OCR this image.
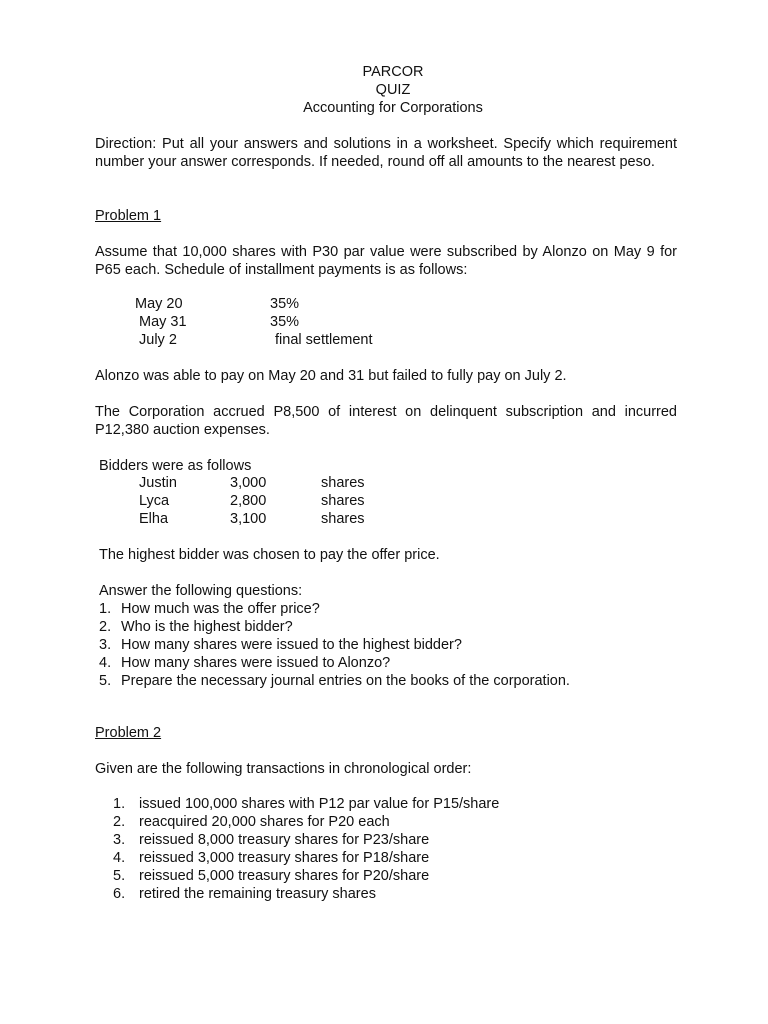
PARCOR
QUIZ
Accounting for Corporations
Direction: Put all your answers and solutions in a worksheet. Specify which requirement number your answer corresponds. If needed, round off all amounts to the nearest peso.
Problem 1
Assume that 10,000 shares with P30 par value were subscribed by Alonzo on May 9 for P65 each. Schedule of installment payments is as follows:
May 20	35%
May 31	35%
July 2	final settlement
Alonzo was able to pay on May 20 and 31 but failed to fully pay on July 2.
The Corporation accrued P8,500 of interest on delinquent subscription and incurred P12,380 auction expenses.
Bidders were as follows
Justin	3,000	shares
Lyca	2,800	shares
Elha	3,100	shares
The highest bidder was chosen to pay the offer price.
Answer the following questions:
1. How much was the offer price?
2. Who is the highest bidder?
3. How many shares were issued to the highest bidder?
4. How many shares were issued to Alonzo?
5. Prepare the necessary journal entries on the books of the corporation.
Problem 2
Given are the following transactions in chronological order:
1. issued 100,000 shares with P12 par value for P15/share
2. reacquired 20,000 shares for P20 each
3. reissued 8,000 treasury shares for P23/share
4. reissued 3,000 treasury shares for P18/share
5. reissued 5,000 treasury shares for P20/share
6. retired the remaining treasury shares
